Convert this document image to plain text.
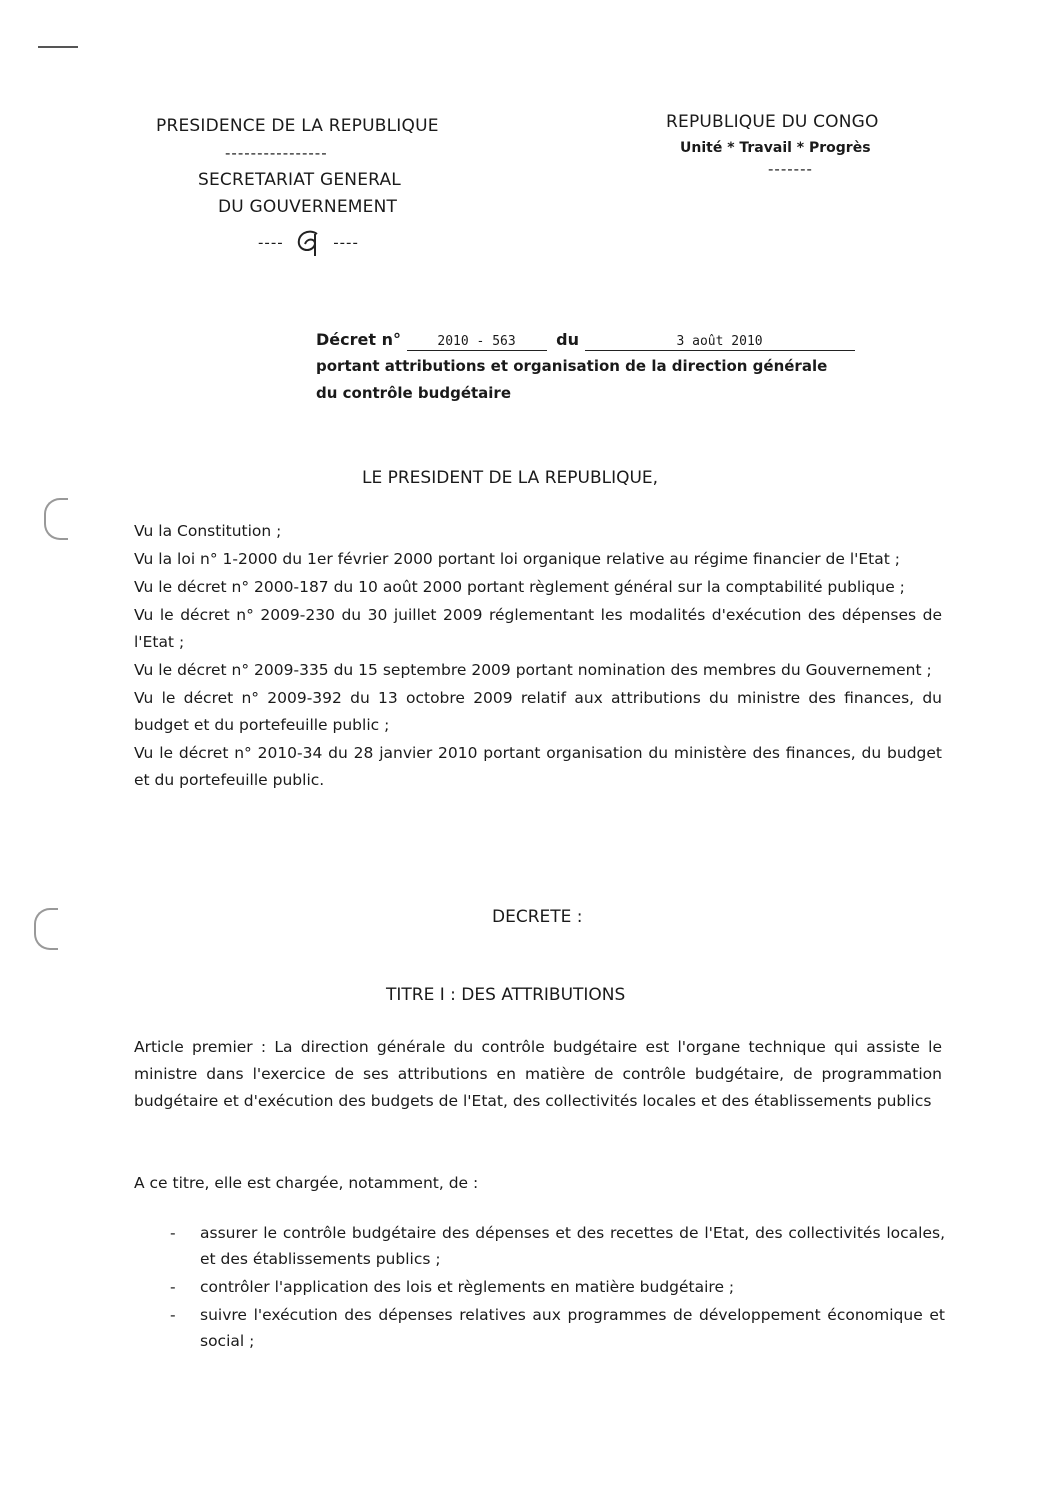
PRESIDENCE DE LA REPUBLIQUE
----------------
SECRETARIAT GENERAL
DU GOUVERNEMENT
----	----
REPUBLIQUE DU CONGO
Unité * Travail * Progrès
-------
Décret n°	2010 - 563	du	3 août 2010
portant attributions et organisation de la direction générale
du contrôle budgétaire
LE PRESIDENT DE LA REPUBLIQUE,

Vu la Constitution ;

Vu la loi n° 1-2000 du 1er février 2000 portant loi organique relative au régime financier de l'Etat ;

Vu le décret n° 2000-187 du 10 août 2000 portant règlement général sur la comptabilité publique ;

Vu le décret n° 2009-230 du 30 juillet 2009 réglementant les modalités d'exécution des dépenses de l'Etat ;

Vu le décret n° 2009-335 du 15 septembre 2009 portant nomination des membres du Gouvernement ;

Vu le décret n° 2009-392 du 13 octobre 2009 relatif aux attributions du ministre des finances, du budget et du portefeuille public ;

Vu le décret n° 2010-34 du 28 janvier 2010 portant organisation du ministère des finances, du budget et du portefeuille public.

DECRETE :
TITRE I : DES ATTRIBUTIONS
Article premier : La direction générale du contrôle budgétaire est l'organe technique qui assiste le ministre dans l'exercice de ses attributions en matière de contrôle budgétaire, de programmation budgétaire et d'exécution des budgets de l'Etat, des collectivités locales et des établissements publics
A ce titre, elle est chargée, notamment, de :
- assurer le contrôle budgétaire des dépenses et des recettes de l'Etat, des collectivités locales, et des établissements publics ;
- contrôler l'application des lois et règlements en matière budgétaire ;
- suivre l'exécution des dépenses relatives aux programmes de développement économique et social ;
